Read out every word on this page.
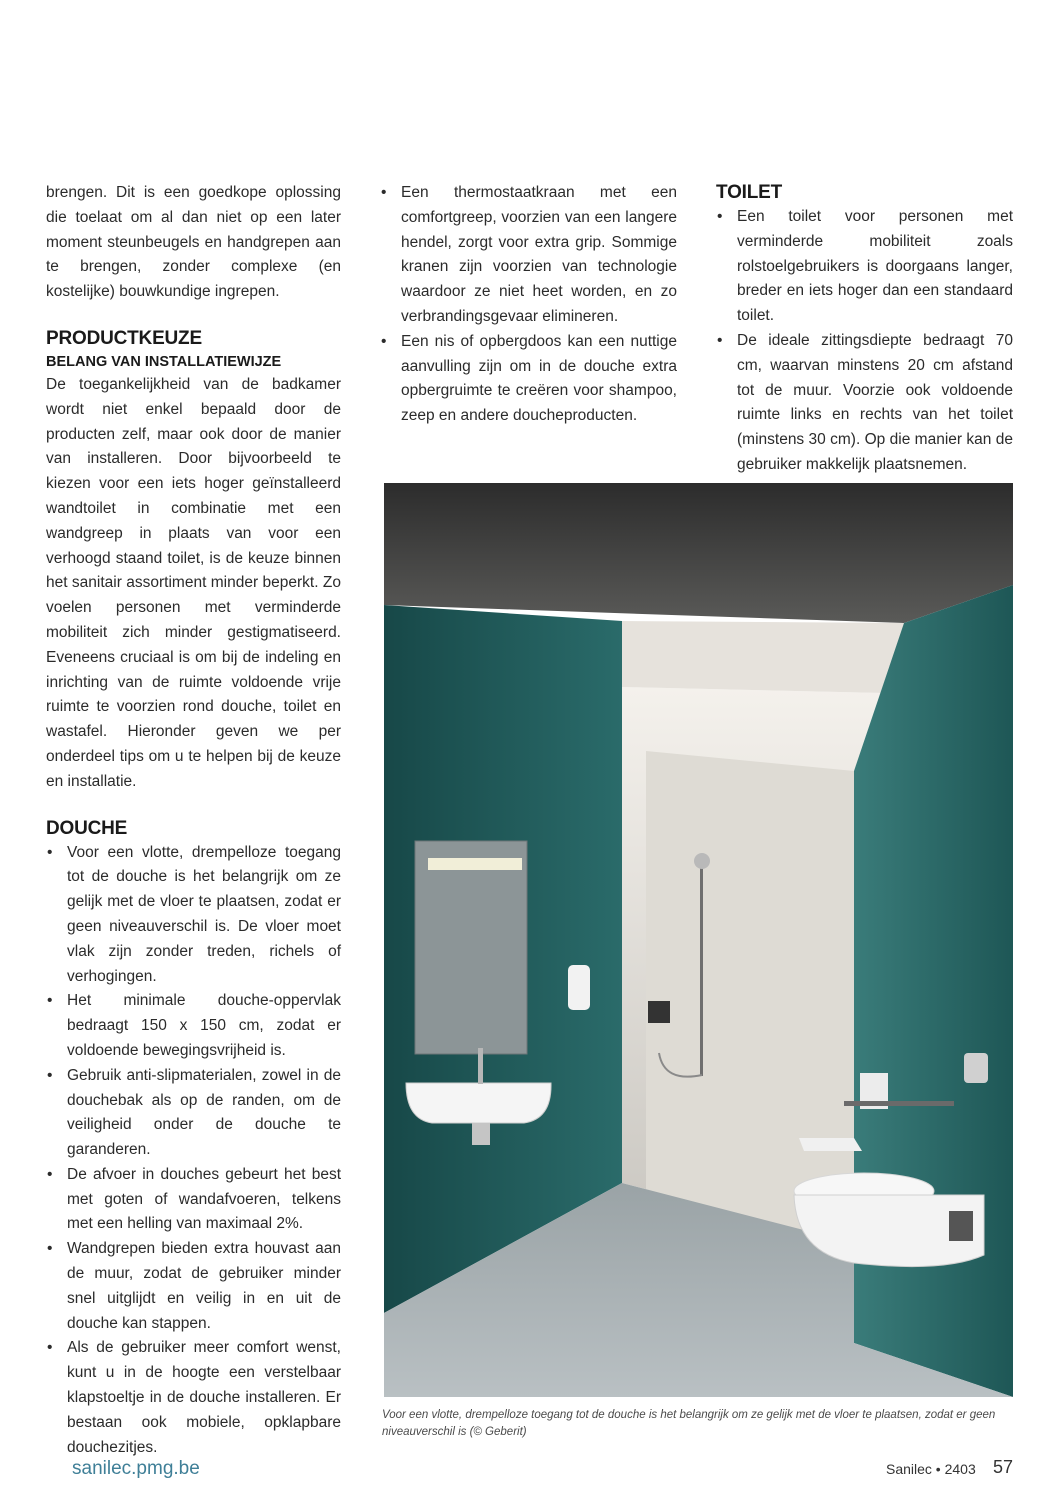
brengen. Dit is een goedkope oplossing die toelaat om al dan niet op een later moment steunbeugels en handgrepen aan te brengen, zonder complexe (en kostelijke) bouwkundige ingrepen.

PRODUCTKEUZE
BELANG VAN INSTALLATIEWIJZE

De toegankelijkheid van de badkamer wordt niet enkel bepaald door de producten zelf, maar ook door de manier van installeren. Door bijvoorbeeld te kiezen voor een iets hoger geïnstalleerd wandtoilet in combinatie met een wandgreep in plaats van voor een verhoogd staand toilet, is de keuze binnen het sanitair assortiment minder beperkt. Zo voelen personen met verminderde mobiliteit zich minder gestigmatiseerd. Eveneens cruciaal is om bij de indeling en inrichting van de ruimte voldoende vrije ruimte te voorzien rond douche, toilet en wastafel. Hieronder geven we per onderdeel tips om u te helpen bij de keuze en installatie.

DOUCHE
• Voor een vlotte, drempelloze toegang tot de douche is het belangrijk om ze gelijk met de vloer te plaatsen, zodat er geen niveauverschil is. De vloer moet vlak zijn zonder treden, richels of verhogingen.
• Het minimale douche-oppervlak bedraagt 150 x 150 cm, zodat er voldoende bewegingsvrijheid is.
• Gebruik anti-slipmaterialen, zowel in de douchebak als op de randen, om de veiligheid onder de douche te garanderen.
• De afvoer in douches gebeurt het best met goten of wandafvoeren, telkens met een helling van maximaal 2%.
• Wandgrepen bieden extra houvast aan de muur, zodat de gebruiker minder snel uitglijdt en veilig in en uit de douche kan stappen.
• Als de gebruiker meer comfort wenst, kunt u in de hoogte een verstelbaar klapstoeltje in de douche installeren. Er bestaan ook mobiele, opklapbare douchezitjes.
• Een thermostaatkraan met een comfortgreep, voorzien van een langere hendel, zorgt voor extra grip. Sommige kranen zijn voorzien van technologie waardoor ze niet heet worden, en zo verbrandingsgevaar elimineren.
• Een nis of opbergdoos kan een nuttige aanvulling zijn om in de douche extra opbergruimte te creëren voor shampoo, zeep en andere doucheproducten.
TOILET
• Een toilet voor personen met verminderde mobiliteit zoals rolstoelgebruikers is doorgaans langer, breder en iets hoger dan een standaard toilet.
• De ideale zittingsdiepte bedraagt 70 cm, waarvan minstens 20 cm afstand tot de muur. Voorzie ook voldoende ruimte links en rechts van het toilet (minstens 30 cm). Op die manier kan de gebruiker makkelijk plaatsnemen.
Voor een vlotte, drempelloze toegang tot de douche is het belangrijk om ze gelijk met de vloer te plaatsen, zodat er geen niveauverschil is (© Geberit)
sanilec.pmg.be	Sanilec • 2403 57
